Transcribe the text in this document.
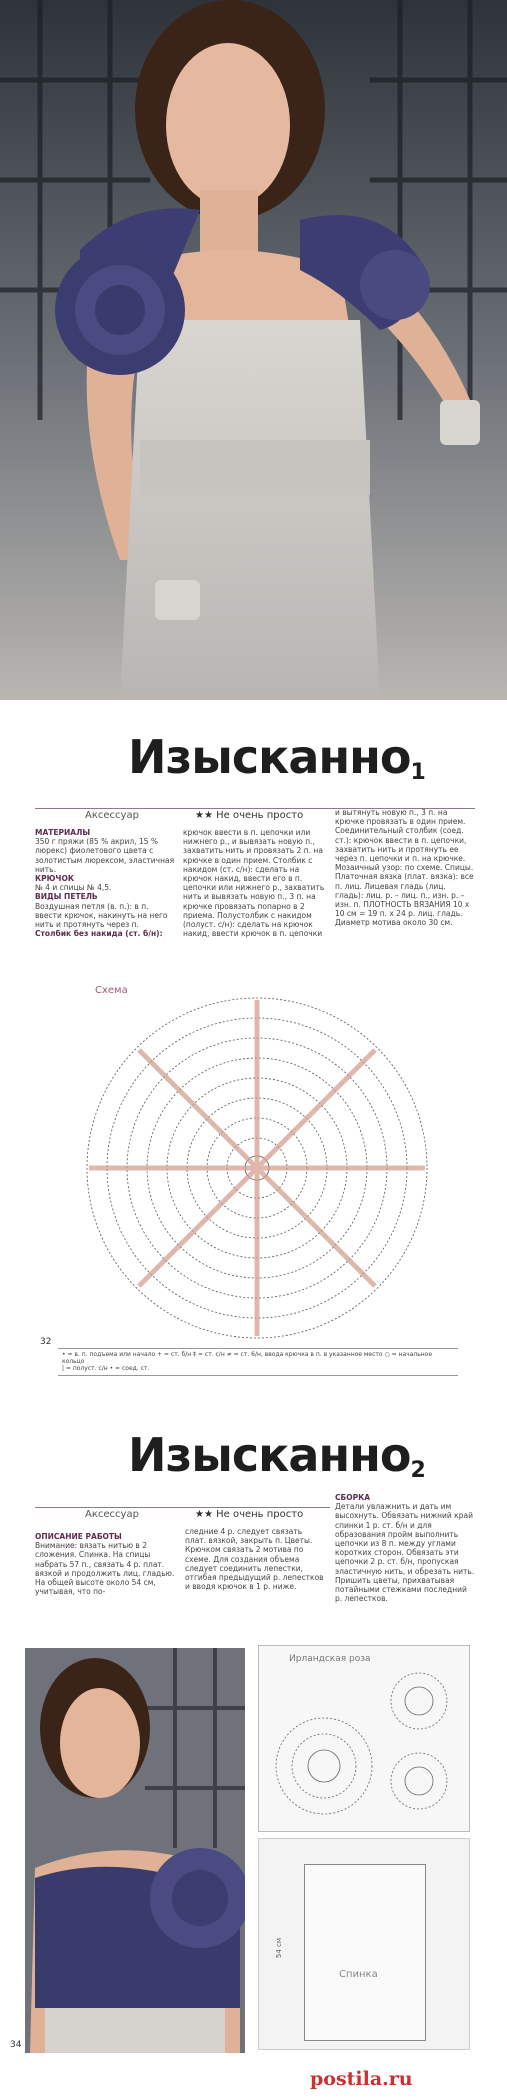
Изысканно$_1$
Аксессуар	★★ Не очень просто
МАТЕРИАЛЫ
350 г пряжи (85 % акрил, 15 % люрекс) фиолетового цвета с золотистым люрексом, эластичная нить.
КРЮЧОК
№ 4 и спицы № 4,5.
ВИДЫ ПЕТЕЛЬ
Воздушная петля (в. п.): в п. ввести крючок, накинуть на него нить и протянуть через п.
Столбик без накида (ст. б/н):
крючок ввести в п. цепочки или нижнего р., и вывязать новую п., захватить нить и провязать 2 п. на крючке в один прием. Столбик с накидом (ст. с/н): сделать на крючок накид, ввести его в п. цепочки или нижнего р., захватить нить и вывязать новую п., 3 п. на крючке провязать попарно в 2 приема. Полустолбик с накидом (полуст. с/н): сделать на крючок накид, ввести крючок в п. цепочки
и вытянуть новую п., 3 п. на крючке провязать в один прием. Соединительный столбик (соед. ст.): крючок ввести в п. цепочки, захватить нить и протянуть ее через п. цепочки и п. на крючке. Мозаичный узор: по схеме. Спицы. Платочная вязка (плат. вязка): все п. лиц. Лицевая гладь (лиц. гладь): лиц. р. – лиц. п., изн. р. – изн. п. ПЛОТНОСТЬ ВЯЗАНИЯ 10 x 10 см = 19 п. x 24 р. лиц. гладь. Диаметр мотива около 30 см.
Схема
32
• = в. п. подъема или начало + = ст. б/н ‡ = ст. с/н ≠ = ст. 6/н, ввода крючка в п. в указанное место ○ = начальное кольцо
| = полуст. с/н • = соед. ст.
Изысканно$_2$
Аксессуар	★★ Не очень просто
ОПИСАНИЕ РАБОТЫ
Внимание: вязать нитью в 2 сложения. Спинка. На спицы набрать 57 п., связать 4 р. плат. вязкой и продолжить лиц. гладью. На общей высоте около 54 см, учитывая, что по-
следние 4 р. следует связать плат. вязкой, закрыть п. Цветы. Крючком связать 2 мотива по схеме. Для создания объема следует соединить лепестки, отгибая предыдущий р. лепестков и вводя крючок в 1 р. ниже.
СБОРКА
Детали увлажнить и дать им высохнуть. Обвязать нижний край спинки 1 р. ст. б/н и для образования пройм выполнить цепочки из 8 п. между углами коротких сторон. Обвязать эти цепочки 2 р. ст. б/н, пропуская эластичную нить, и обрезать нить. Пришить цветы, прихватывая потайными стежками последний р. лепестков.
34
Ирландская роза
Спинка
54 см
postila.ru
